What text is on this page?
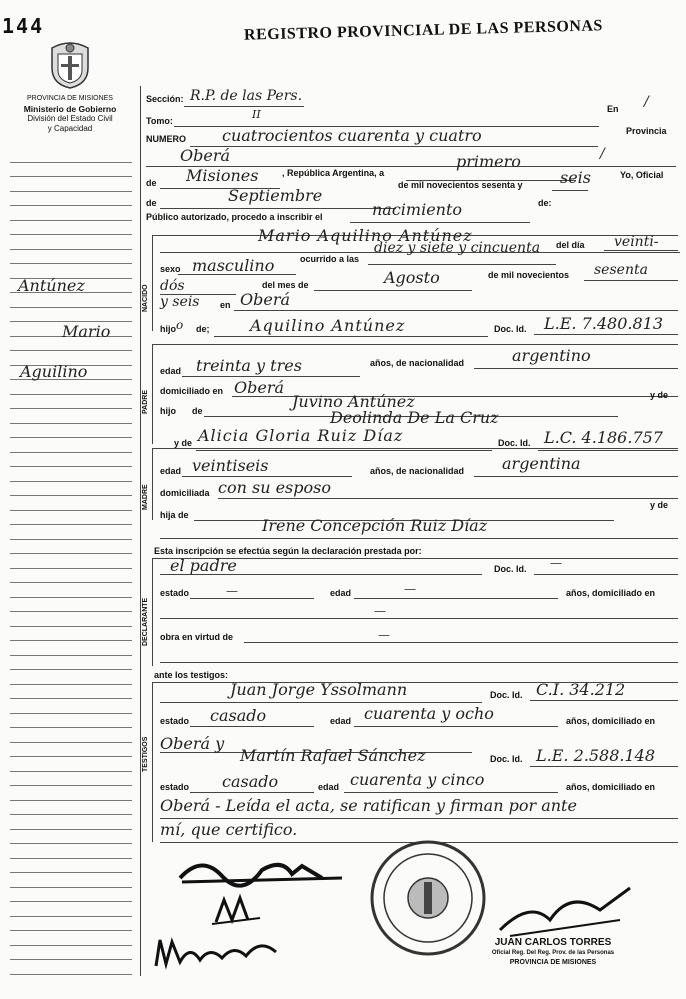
144
PROVINCIA DE MISIONES
Ministerio de Gobierno
División del Estado Civil
y Capacidad
REGISTRO PROVINCIAL DE LAS PERSONAS
Antúnez
Mario
Aguilino
Sección: R.P. de las Pers.
Tomo:	II	En /
NUMERO cuatrocientos cuarenta y cuatro	Provincia
Oberá	/
de Misiones	, República Argentina, a
primero
de	Septiembre
de mil novecientos sesenta y seis	Yo, Oficial
Público autorizado, procedo a inscribir el	nacimiento	de:
NACIDO
Mario Aquilino Antúnez
sexo masculino	ocurrido a las
diez y siete y cincuenta del día veinti-
dós	del mes de	Agosto	de mil novecientos sesenta
y seis en Oberá
hijo o de;	Aquilino Antúnez	Doc. Id. L.E. 7.480.813
PADRE
edad treinta y tres	años, de nacionalidad	argentino
domiciliado en Oberá
hijo de	Juvino Antúnez
Deolinda De La Cruz
y de
MADRE
y de Alicia Gloria Ruiz Díaz	Doc. Id. L.C. 4.186.757
edad veintiseis	años, de nacionalidad argentina
domiciliada con su esposo
hija de
y de
Irene Concepción Ruiz Díaz
Esta inscripción se efectúa según la declaración prestada por:
DECLARANTE
el padre	Doc. Id. —
estado	—	edad	—	años, domiciliado en
—
obra en virtud de	—
ante los testigos:
TESTIGOS
Juan Jorge Yssolmann	Doc. Id. C.I. 34.212
estado casado	edad cuarenta y ocho	años, domiciliado en
Oberá y
Martín Rafael Sánchez	Doc. Id. L.E. 2.588.148
estado casado	edad cuarenta y cinco	años, domiciliado en
Oberá - Leída el acta, se ratifican y firman por ante
mí, que certifico.
JUAN CARLOS TORRES
Oficial Reg. Del Reg. Prov. de las Personas
PROVINCIA DE MISIONES
